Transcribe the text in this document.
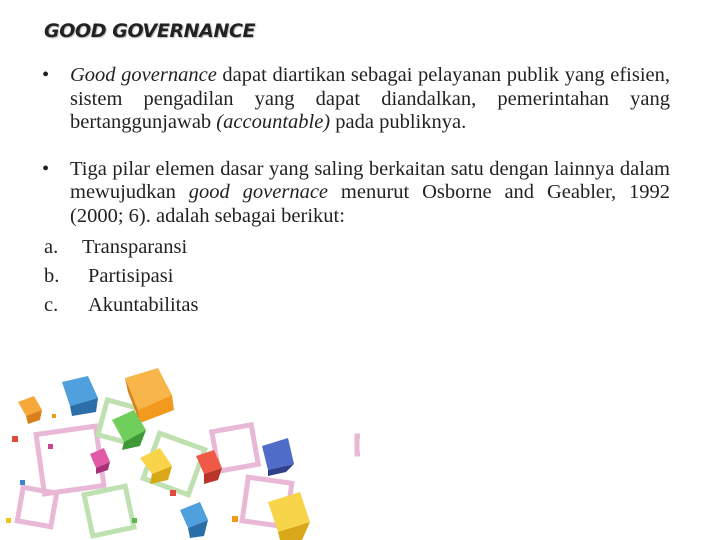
GOOD GOVERNANCE
• Good governance dapat diartikan sebagai pelayanan publik yang efisien, sistem pengadilan yang dapat diandalkan, pemerintahan yang bertanggunjawab (accountable) pada publiknya.
• Tiga pilar elemen dasar yang saling berkaitan satu dengan lainnya dalam mewujudkan good governace menurut Osborne and Geabler, 1992 (2000; 6). adalah sebagai berikut:
a. Transparansi
b. Partisipasi
c. Akuntabilitas
